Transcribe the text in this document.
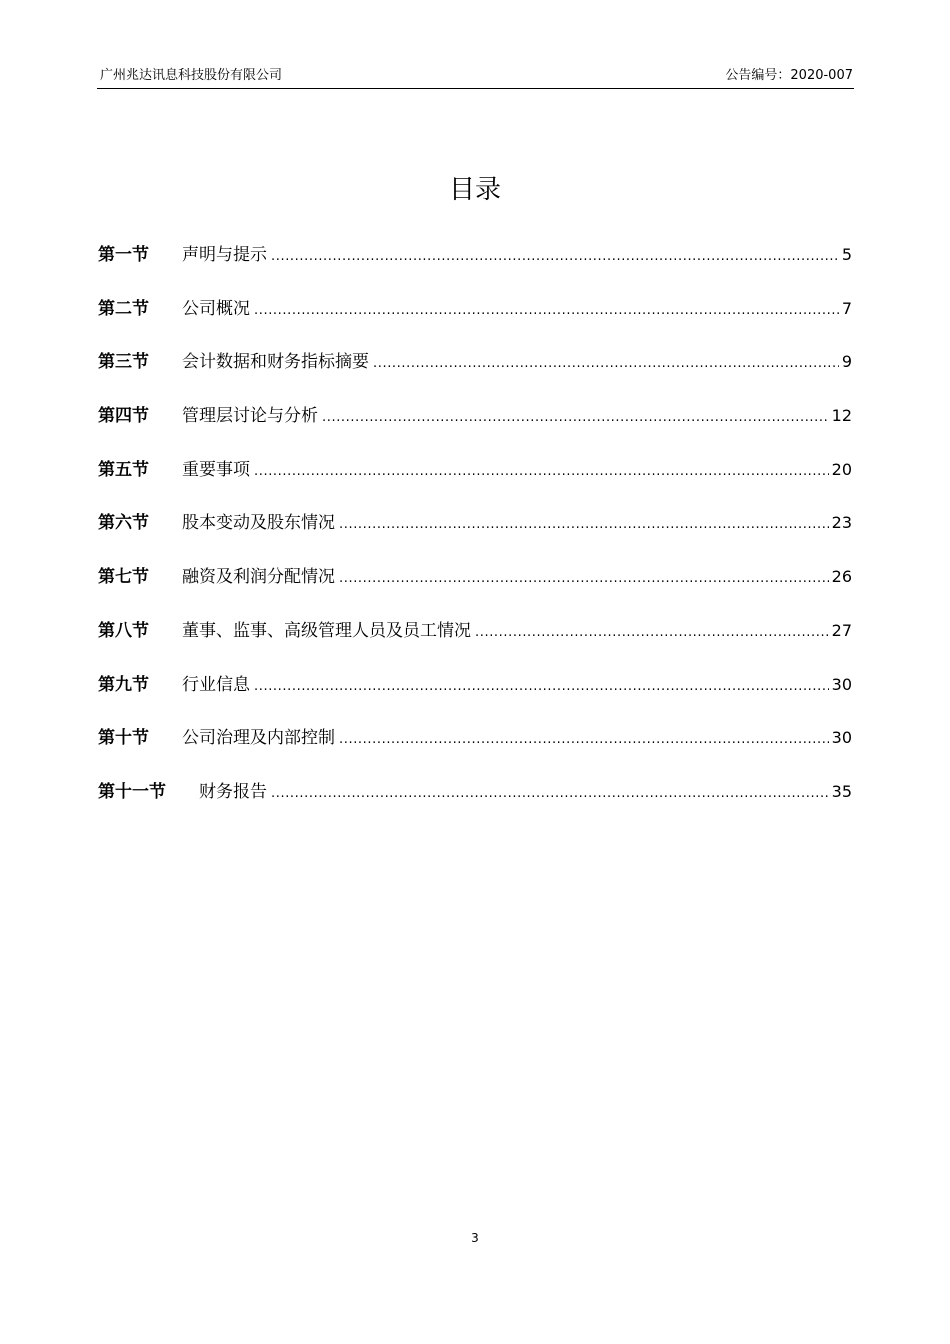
广州兆达讯息科技股份有限公司	公告编号：2020-007
目录
第一节	声明与提示 .....	5
第二节	公司概况 .....	7
第三节	会计数据和财务指标摘要 .....	9
第四节	管理层讨论与分析 .....	12
第五节	重要事项 .....	20
第六节	股本变动及股东情况 .....	23
第七节	融资及利润分配情况 .....	26
第八节	董事、监事、高级管理人员及员工情况 .....	27
第九节	行业信息 .....	30
第十节	公司治理及内部控制 .....	30
第十一节	财务报告 .....	35
3
